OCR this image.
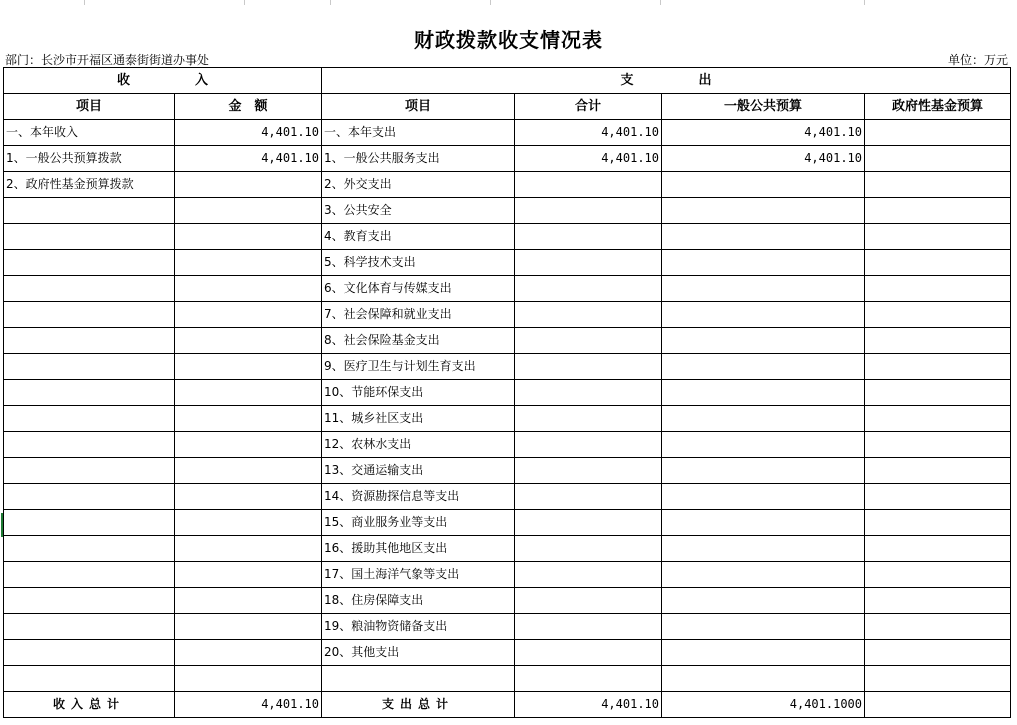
财政拨款收支情况表
部门：长沙市开福区通泰街街道办事处	单位：万元
收　　　　　入		支　　　　　出			
项目	金　额	项目	合计	一般公共预算	政府性基金预算
一、本年收入	4,401.10	一、本年支出	4,401.10	4,401.10	
1、一般公共预算拨款	4,401.10	1、一般公共服务支出	4,401.10	4,401.10	
2、政府性基金预算拨款		2、外交支出			
		3、公共安全			
		4、教育支出			
		5、科学技术支出			
		6、文化体育与传媒支出			
		7、社会保障和就业支出			
		8、社会保险基金支出			
		9、医疗卫生与计划生育支出			
		10、节能环保支出			
		11、城乡社区支出			
		12、农林水支出			
		13、交通运输支出			
		14、资源勘探信息等支出			
		15、商业服务业等支出			
		16、援助其他地区支出			
		17、国土海洋气象等支出			
		18、住房保障支出			
		19、粮油物资储备支出			
		20、其他支出			

收入总计	4,401.10	支出总计	4,401.10	4,401.1000	
